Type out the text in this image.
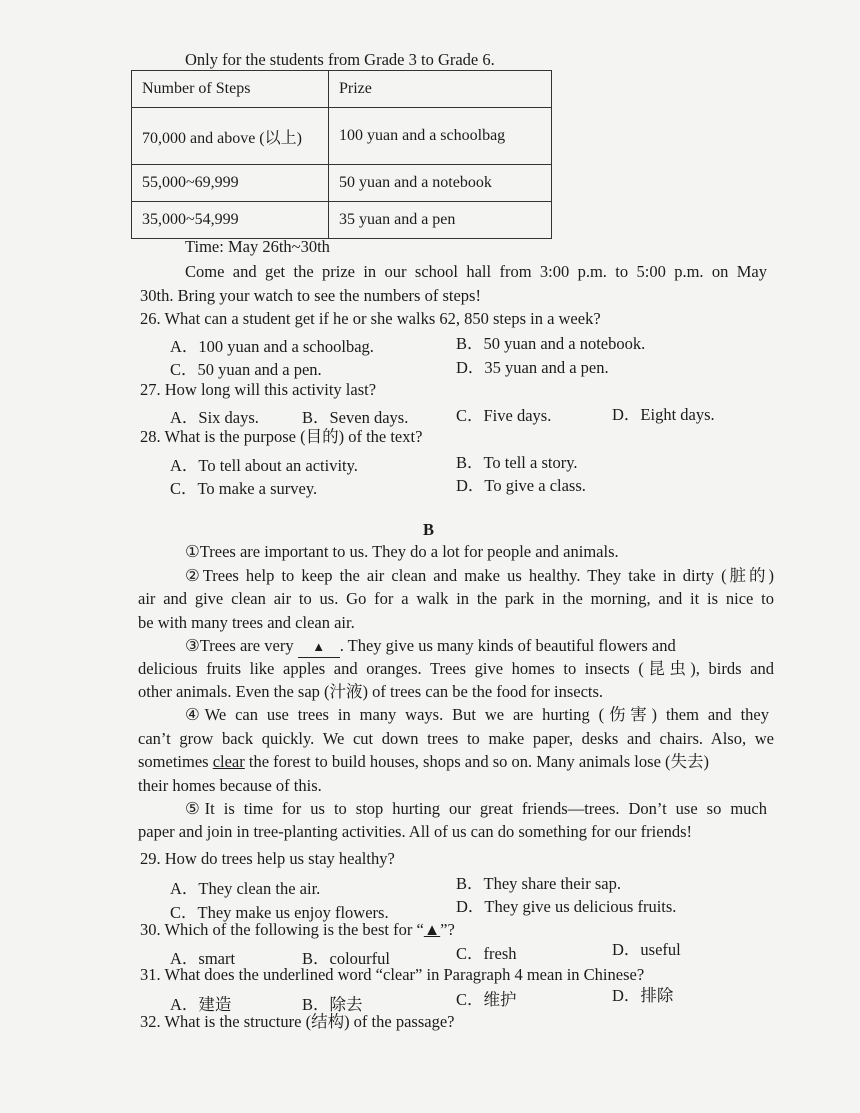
Only for the students from Grade 3 to Grade 6.
Number of Steps	Prize
70,000 and above (以上)	100 yuan and a schoolbag
55,000~69,999	50 yuan and a notebook
35,000~54,999	35 yuan and a pen
Time: May 26th~30th
Come and get the prize in our school hall from 3:00 p.m. to 5:00 p.m. on May
30th. Bring your watch to see the numbers of steps!
26. What can a student get if he or she walks 62, 850 steps in a week?
A．100 yuan and a schoolbag.	B．50 yuan and a notebook.
C．50 yuan and a pen.	D．35 yuan and a pen.
27. How long will this activity last?
A．Six days.	B．Seven days.	C．Five days.	D．Eight days.
28. What is the purpose (目的) of the text?
A．To tell about an activity.	B．To tell a story.
C．To make a survey.	D．To give a class.
B
①Trees are important to us. They do a lot for people and animals.
②Trees help to keep the air clean and make us healthy. They take in dirty (脏的)
air and give clean air to us. Go for a walk in the park in the morning, and it is nice to
be with many trees and clean air.
③Trees are very ▲ . They give us many kinds of beautiful flowers and
delicious fruits like apples and oranges. Trees give homes to insects (昆虫), birds and
other animals. Even the sap (汁液) of trees can be the food for insects.
④We can use trees in many ways. But we are hurting (伤害) them and they
can’t grow back quickly. We cut down trees to make paper, desks and chairs. Also, we
sometimes clear the forest to build houses, shops and so on. Many animals lose (失去)
their homes because of this.
⑤It is time for us to stop hurting our great friends—trees. Don’t use so much
paper and join in tree-planting activities. All of us can do something for our friends!
29. How do trees help us stay healthy?
A．They clean the air.	B．They share their sap.
C．They make us enjoy flowers.	D．They give us delicious fruits.
30. Which of the following is the best for “▲”?
A．smart	B．colourful	C．fresh	D．useful
31. What does the underlined word “clear” in Paragraph 4 mean in Chinese?
A．建造	B．除去	C．维护	D．排除
32. What is the structure (结构) of the passage?
